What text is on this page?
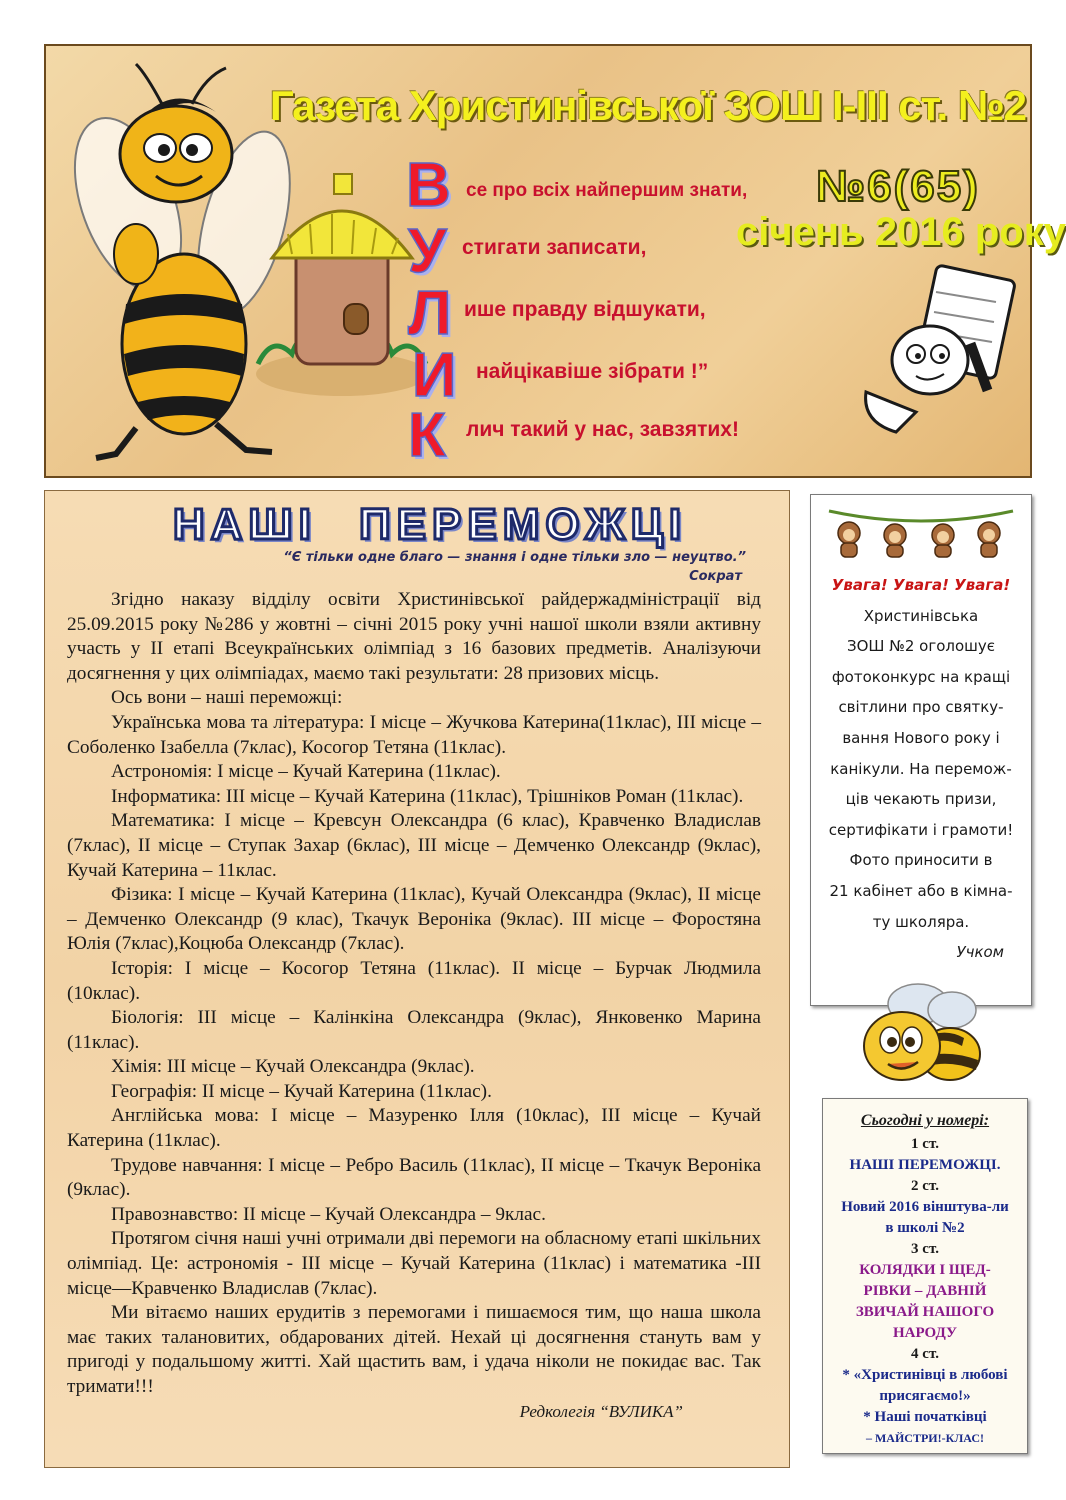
Газета Христинівської ЗОШ І-ІІІ ст. №2
№6(65)
січень 2016 року
В се про всіх найпершим знати,
У стигати записати,
Л ише правду відшукати,
И найцікавіше зібрати !”
К лич такий у нас, завзятих!
НАШІ ПЕРЕМОЖЦІ
“Є тільки одне благо — знання і одне тільки зло — неуцтво.”
Сократ

Згідно наказу відділу освіти Христинівської райдержадміністрації від 25.09.2015 року №286 у жовтні – січні 2015 року учні нашої школи взяли активну участь у ІІ етапі Всеукраїнських олімпіад з 16 базових предметів. Аналізуючи досягнення у цих олімпіадах, маємо такі результати: 28 призових місць.

Ось вони – наші переможці:

Українська мова та література: І місце – Жучкова Катерина(11клас), ІІІ місце – Соболенко Ізабелла (7клас), Косогор Тетяна (11клас).

Астрономія: І місце – Кучай Катерина (11клас).

Інформатика: ІІІ місце – Кучай Катерина (11клас), Трішніков Роман (11клас).

Математика: І місце – Кревсун Олександра (6 клас), Кравченко Владислав (7клас), ІІ місце – Ступак Захар (6клас), ІІІ місце – Демченко Олександр (9клас), Кучай Катерина – 11клас.

Фізика: І місце – Кучай Катерина (11клас), Кучай Олександра (9клас), ІІ місце – Демченко Олександр (9 клас), Ткачук Вероніка (9клас). ІІІ місце – Форостяна Юлія (7клас),Коцюба Олександр (7клас).

Історія: І місце – Косогор Тетяна (11клас). ІІ місце – Бурчак Людмила (10клас).

Біологія: ІІІ місце – Калінкіна Олександра (9клас), Янковенко Марина (11клас).

Хімія: ІІІ місце – Кучай Олександра (9клас).

Географія: ІІ місце – Кучай Катерина (11клас).

Англійська мова: І місце – Мазуренко Ілля (10клас), ІІІ місце – Кучай Катерина (11клас).

Трудове навчання: І місце – Ребро Василь (11клас), ІІ місце – Ткачук Вероніка (9клас).

Правознавство: ІІ місце – Кучай Олександра – 9клас.

Протягом січня наші учні отримали дві перемоги на обласному етапі шкільних олімпіад. Це: астрономія - ІІІ місце – Кучай Катерина (11клас) і математика -ІІІ місце—Кравченко Владислав (7клас).

Ми вітаємо наших ерудитів з перемогами і пишаємося тим, що наша школа має таких талановитих, обдарованих дітей. Нехай ці досягнення стануть вам у пригоді у подальшому житті. Хай щастить вам, і удача ніколи не покидає вас. Так тримати!!!

Редколегія “ВУЛИКА”

Увага! Увага! Увага!
Христинівська
ЗОШ №2 оголошує
фотоконкурс на кращі
світлини про святку-
вання Нового року і
канікули. На перемож-
ців чекають призи,
сертифікати і грамоти!
Фото приносити в
21 кабінет або в кімна-
ту школяра.
Учком
Сьогодні у номері:
1 ст.
НАШІ ПЕРЕМОЖЦІ.
2 ст.
Новий 2016 вінштува-ли в школі №2
3 ст.
КОЛЯДКИ І ЩЕД-РІВКИ – ДАВНІЙ ЗВИЧАЙ НАШОГО НАРОДУ
4 ст.
* «Христинівці в любові присягаємо!»
* Наші початківці
– МАЙСТРИ!-КЛАС!
